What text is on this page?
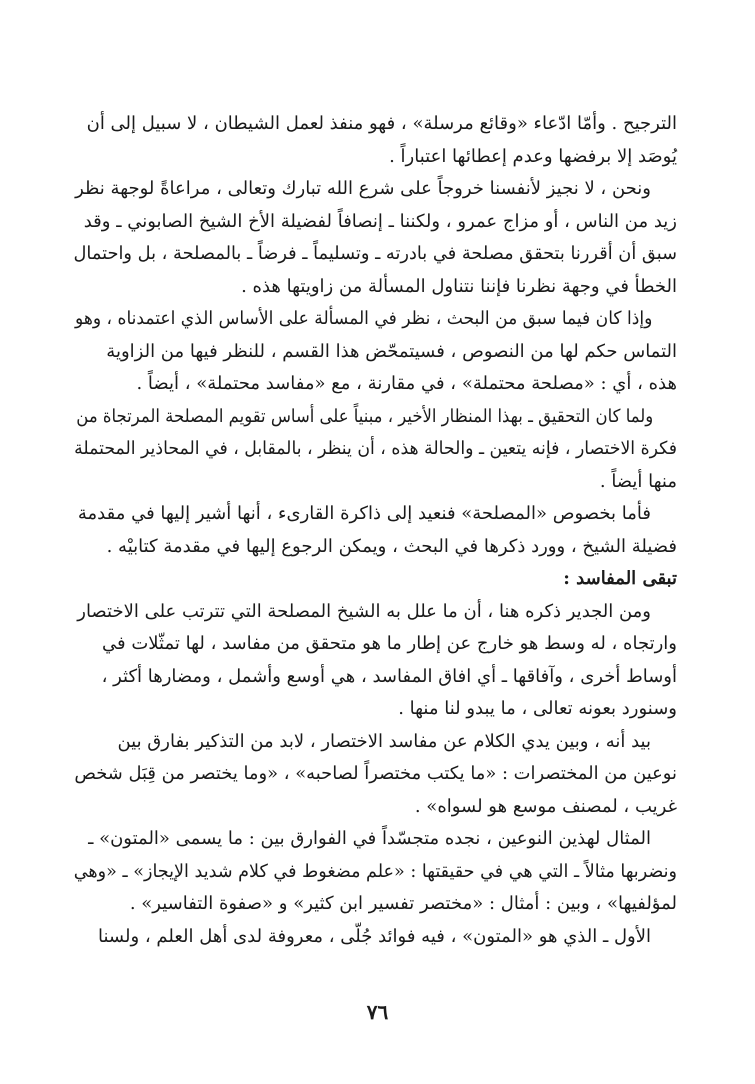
الترجيح . وأمّا ادّعاء «وقائع مرسلة» ، فهو منفذ لعمل الشيطان ، لا سبيل إلى أن
يُوصَد إلا برفضها وعدم إعطائها اعتباراً .
ونحن ، لا نجيز لأنفسنا خروجاً على شرع الله تبارك وتعالى ، مراعاةً لوجهة نظر
زيد من الناس ، أو مزاج عمرو ، ولكننا ـ إنصافاً لفضيلة الأخ الشيخ الصابوني ـ وقد
سبق أن أقررنا بتحقق مصلحة في بادرته ـ وتسليماً ـ فرضاً ـ بالمصلحة ، بل واحتمال
الخطأ في وجهة نظرنا فإننا نتناول المسألة من زاويتها هذه .
وإذا كان فيما سبق من البحث ، نظر في المسألة على الأساس الذي اعتمدناه ، وهو
التماس حكم لها من النصوص ، فسيتمحّض هذا القسم ، للنظر فيها من الزاوية
هذه ، أي : «مصلحة محتملة» ، في مقارنة ، مع «مفاسد محتملة» ، أيضاً .
ولما كان التحقيق ـ بهذا المنظار الأخير ، مبنياً على أساس تقويم المصلحة المرتجاة من
فكرة الاختصار ، فإنه يتعين ـ والحالة هذه ، أن ينظر ، بالمقابل ، في المحاذير المحتملة
منها أيضاً .
فأما بخصوص «المصلحة» فنعيد إلى ذاكرة القارىء ، أنها أشير إليها في مقدمة
فضيلة الشيخ ، وورد ذكرها في البحث ، ويمكن الرجوع إليها في مقدمة كتابيْه .
تبقى المفاسد :
ومن الجدير ذكره هنا ، أن ما علل به الشيخ المصلحة التي تترتب على الاختصار
وارتجاه ، له وسط هو خارج عن إطار ما هو متحقق من مفاسد ، لها تمثّلات في
أوساط أخرى ، وآفاقها ـ أي افاق المفاسد ، هي أوسع وأشمل ، ومضارها أكثر ،
وسنورد بعونه تعالى ، ما يبدو لنا منها .
بيد أنه ، وبين يدي الكلام عن مفاسد الاختصار ، لابد من التذكير بفارق بين
نوعين من المختصرات : «ما يكتب مختصراً لصاحبه» ، «وما يختصر من قِبَل شخص
غريب ، لمصنف موسع هو لسواه» .
المثال لهذين النوعين ، نجده متجسّداً في الفوارق بين : ما يسمى «المتون» ـ
ونضربها مثالاً ـ التي هي في حقيقتها : «علم مضغوط في كلام شديد الإيجاز» ـ «وهي
لمؤلفيها» ، وبين : أمثال : «مختصر تفسير ابن كثير» و «صفوة التفاسير» .
الأول ـ الذي هو «المتون» ، فيه فوائد جُلّى ، معروفة لدى أهل العلم ، ولسنا
٧٦
